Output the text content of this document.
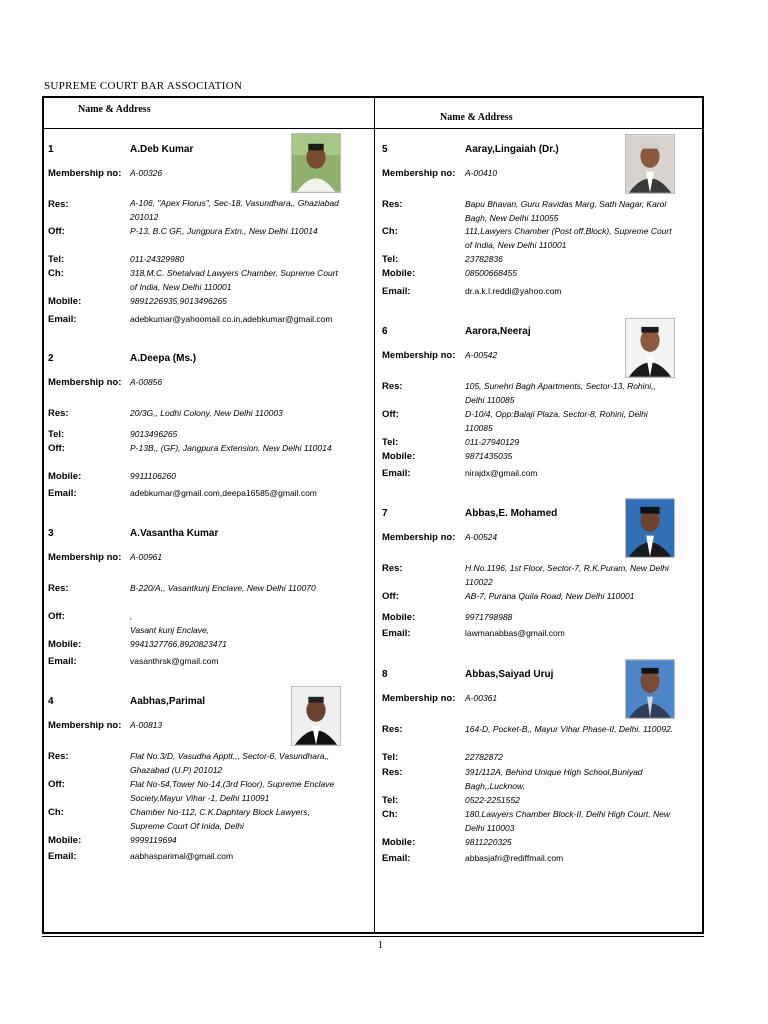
SUPREME COURT BAR ASSOCIATION
Name & Address
Name & Address
1	A.Deb Kumar
Membership no: A-00326
Res:	A-106, "Apex Florus", Sec-18, Vasundhara,, Ghaziabad 201012
Off:	P-13, B.C GF,, Jungpura Extn., New Delhi 110014
Tel:	011-24329980
Ch:	318,M.C. Shetalvad Lawyers Chamber, Supreme Court of India, New Delhi 110001
Mobile:	9891226935,9013496265
Email:	adebkumar@yahoomail.co.in,adebkumar@gmail.com
2	A.Deepa (Ms.)
Membership no: A-00856
Res:	20/3G,, Lodhi Colony, New Delhi 110003
Tel:	9013496265
Off:	P-13B,, (GF), Jangpura Extension, New Delhi 110014
Mobile:	9911106260
Email:	adebkumar@gmail.com,deepa16585@gmail.com
3	A.Vasantha Kumar
Membership no: A-00961
Res:	B-220/A,, Vasantkunj Enclave, New Delhi 110070
Off:	,
Vasant kunj Enclave,
Mobile:	9941327766,8920823471
Email:	vasanthrsk@gmail.com
4	Aabhas,Parimal
Membership no: A-00813
Res:	Flat No.3/D, Vasudha Apptt.,, Sector-6, Vasundhara,, Ghazabad (U.P) 201012
Off:	Flat No-54,Tower No-14,(3rd Floor), Supreme Enclave Society,Mayur Vihar -1, Delhi 110091
Ch:	Chamber No-112, C.K.Daphtary Block Lawyers, Supreme Court Of Inida, Delhi
Mobile:	9999119694
Email:	aabhasparimal@gmail.com
5	Aaray,Lingaiah (Dr.)
Membership no: A-00410
Res:	Bapu Bhavan, Guru Ravidas Marg, Sath Nagar, Karol Bagh, New Delhi 110055
Ch:	111,Lawyers Chamber (Post off.Block), Supreme Court of India, New Delhi 110001
Tel:	23782836
Mobile:	08500668455
Email:	dr.a.k.l.reddi@yahoo.com
6	Aarora,Neeraj
Membership no: A-00542
Res:	105, Sunehri Bagh Apartments, Sector-13, Rohini,, Delhi 110085
Off:	D-10/4, Opp:Balaji Plaza, Sector-8, Rohini, Delhi 110085
Tel:	011-27940129
Mobile:	9871435035
Email:	nirajdx@gmail.com
7	Abbas,E. Mohamed
Membership no: A-00524
Res:	H.No.1196, 1st Floor, Sector-7, R.K.Puram, New Delhi 110022
Off:	AB-7, Purana Quila Road, New Delhi 110001
Mobile:	9971798988
Email:	lawmanabbas@gmail.com
8	Abbas,Saiyad Uruj
Membership no: A-00361
Res:	164-D, Pocket-B,, Mayur Vihar Phase-II, Delhi. 110092.
Tel:	22782872
Res:	391/112A, Behind Unique High School,Buniyad Bagh,,Lucknow,
Tel:	0522-2251552
Ch:	180,Lawyers Chamber Block-II, Delhi High Court, New Delhi 110003
Mobile:	9811220325
Email:	abbasjafri@rediffmail.com
1
